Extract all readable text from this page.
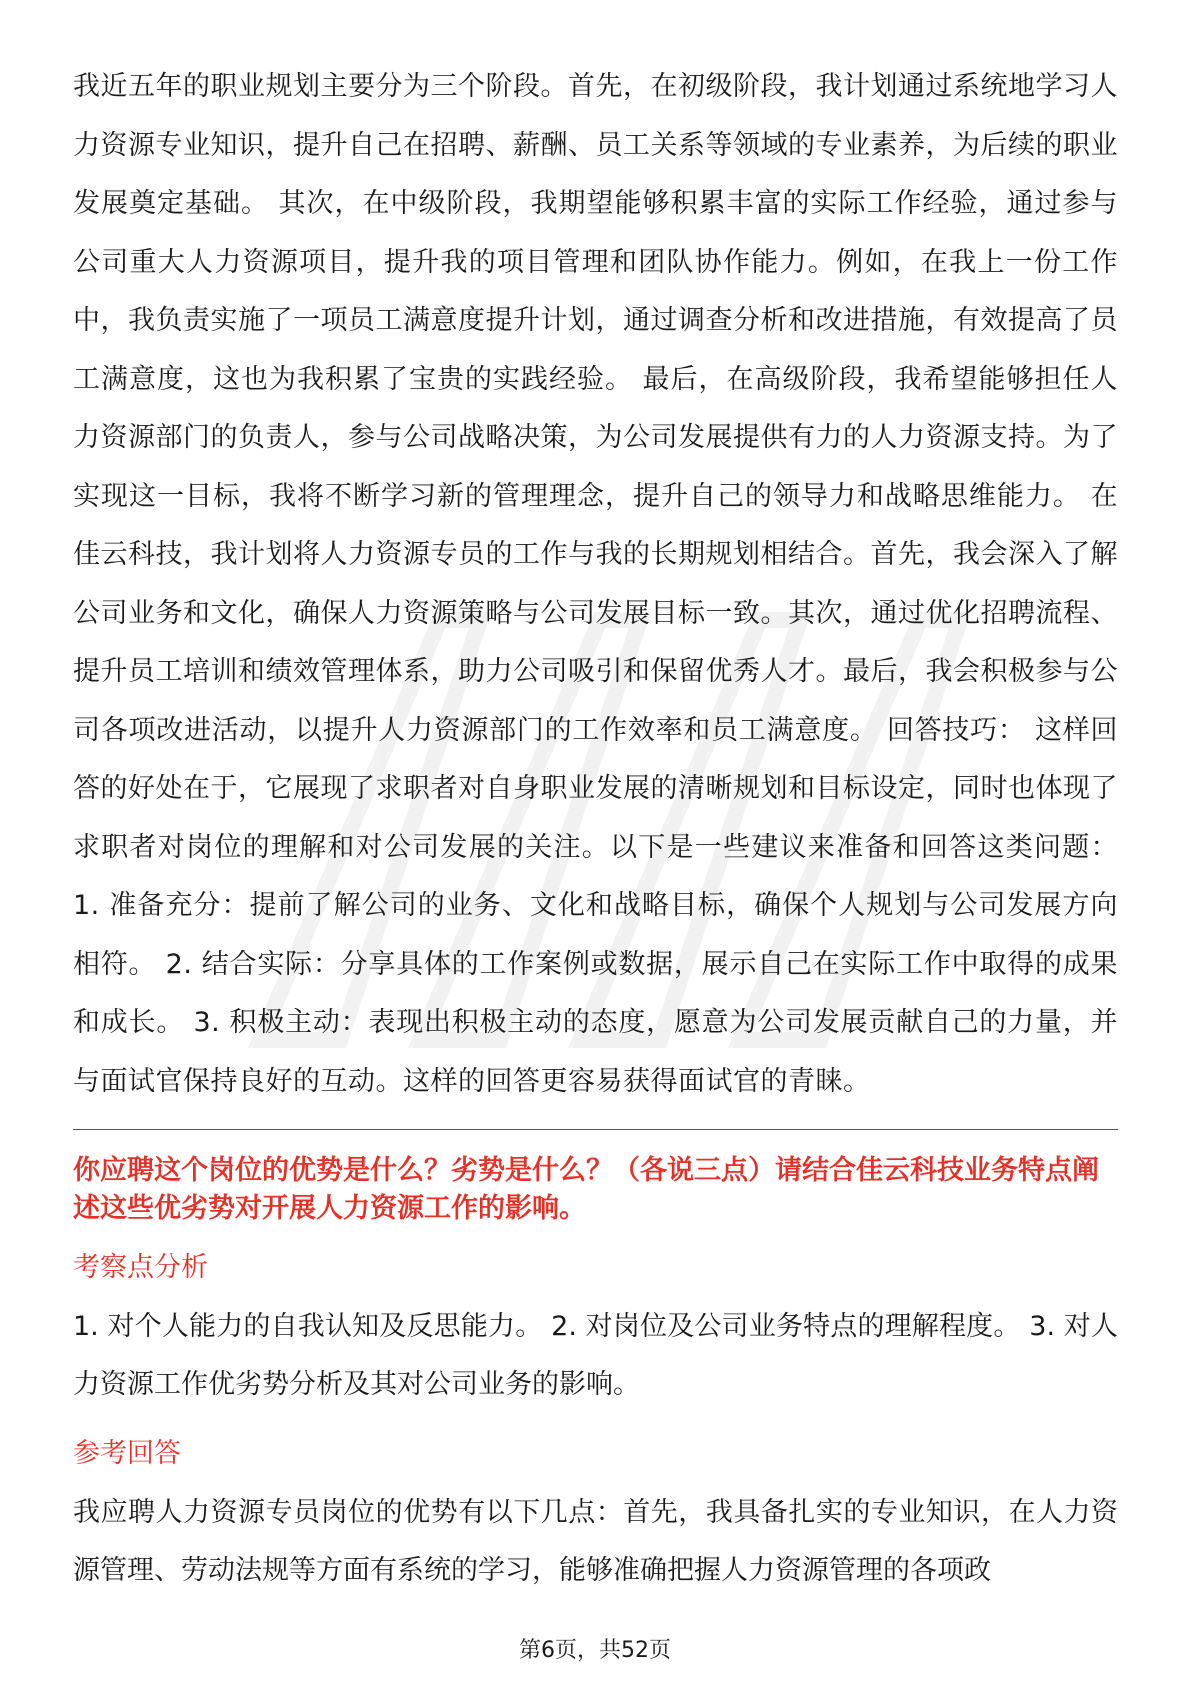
我近五年的职业规划主要分为三个阶段。首先，在初级阶段，我计划通过系统地学习人力资源专业知识，提升自己在招聘、薪酬、员工关系等领域的专业素养，为后续的职业发展奠定基础。 其次，在中级阶段，我期望能够积累丰富的实际工作经验，通过参与公司重大人力资源项目，提升我的项目管理和团队协作能力。例如，在我上一份工作中，我负责实施了一项员工满意度提升计划，通过调查分析和改进措施，有效提高了员工满意度，这也为我积累了宝贵的实践经验。 最后，在高级阶段，我希望能够担任人力资源部门的负责人，参与公司战略决策，为公司发展提供有力的人力资源支持。为了实现这一目标，我将不断学习新的管理理念，提升自己的领导力和战略思维能力。 在佳云科技，我计划将人力资源专员的工作与我的长期规划相结合。首先，我会深入了解公司业务和文化，确保人力资源策略与公司发展目标一致。其次，通过优化招聘流程、提升员工培训和绩效管理体系，助力公司吸引和保留优秀人才。最后，我会积极参与公司各项改进活动，以提升人力资源部门的工作效率和员工满意度。 回答技巧： 这样回答的好处在于，它展现了求职者对自身职业发展的清晰规划和目标设定，同时也体现了求职者对岗位的理解和对公司发展的关注。以下是一些建议来准备和回答这类问题： 1. 准备充分：提前了解公司的业务、文化和战略目标，确保个人规划与公司发展方向相符。 2. 结合实际：分享具体的工作案例或数据，展示自己在实际工作中取得的成果和成长。 3. 积极主动：表现出积极主动的态度，愿意为公司发展贡献自己的力量，并与面试官保持良好的互动。这样的回答更容易获得面试官的青睐。

你应聘这个岗位的优势是什么？劣势是什么？（各说三点）请结合佳云科技业务特点阐述这些优劣势对开展人力资源工作的影响。
考察点分析
1. 对个人能力的自我认知及反思能力。 2. 对岗位及公司业务特点的理解程度。 3. 对人力资源工作优劣势分析及其对公司业务的影响。
参考回答
我应聘人力资源专员岗位的优势有以下几点：首先，我具备扎实的专业知识，在人力资源管理、劳动法规等方面有系统的学习，能够准确把握人力资源管理的各项政
第6页，共52页
